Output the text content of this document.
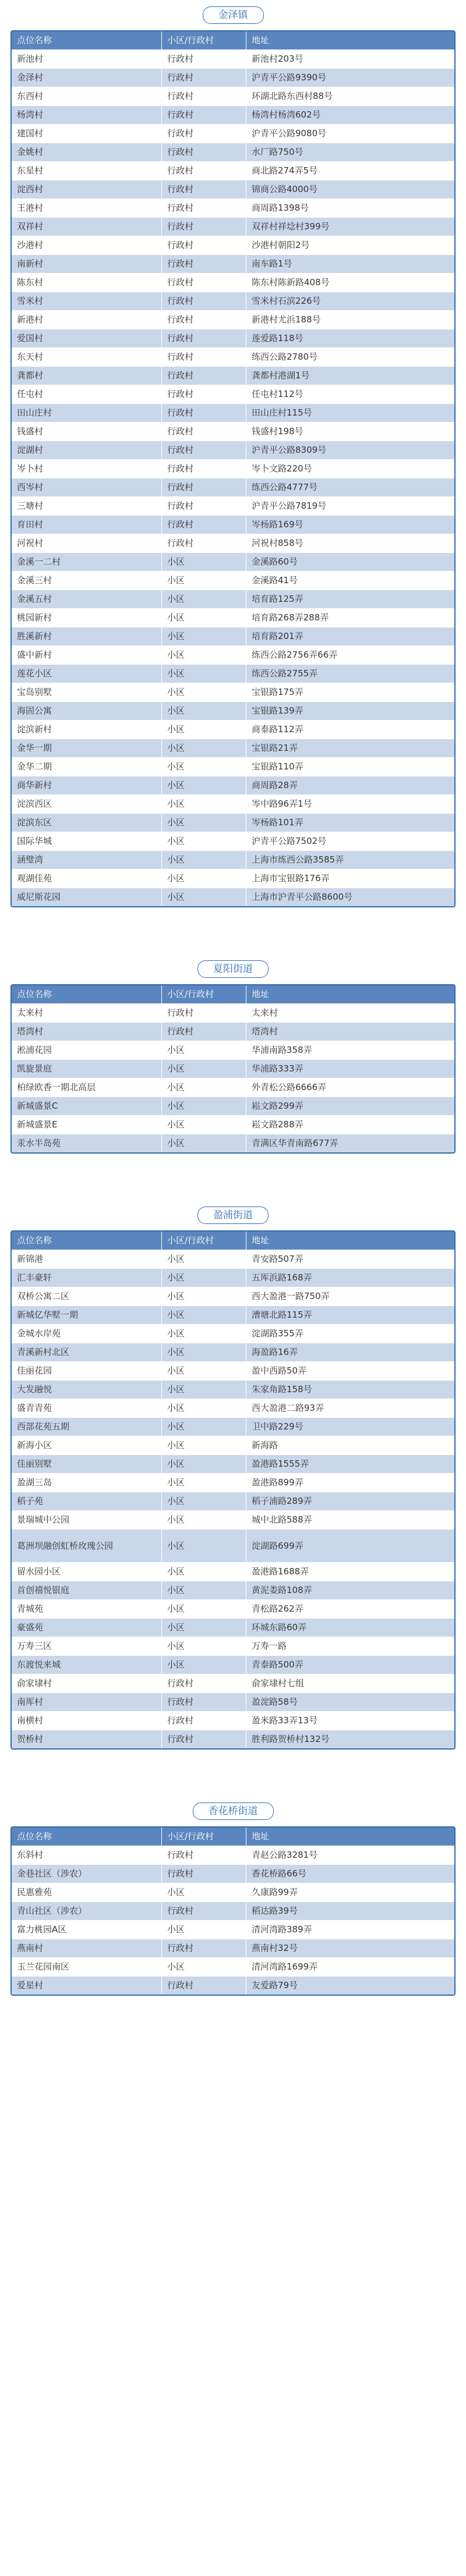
金泽镇
点位名称	小区/行政村	地址
新池村	行政村	新池村203号
金泽村	行政村	沪青平公路9390号
东西村	行政村	环湖北路东西村88号
杨湾村	行政村	杨湾村杨湾602号
建国村	行政村	沪青平公路9080号
金姚村	行政村	水厂路750号
东星村	行政村	商北路274弄5号
淀西村	行政村	锦商公路4000号
王港村	行政村	商周路1398号
双祥村	行政村	双祥村祥埝村399号
沙港村	行政村	沙港村朝阳2号
南新村	行政村	南车路1号
陈东村	行政村	陈东村陈新路408号
雪米村	行政村	雪米村石滨226号
新港村	行政村	新港村尤浜188号
爱国村	行政村	莲爱路118号
东天村	行政村	练西公路2780号
龚都村	行政村	龚都村港湖1号
任屯村	行政村	任屯村112号
田山庄村	行政村	田山庄村115号
钱盛村	行政村	钱盛村198号
淀湖村	行政村	沪青平公路8309号
岑卜村	行政村	岑卜文路220号
西岑村	行政村	练西公路4777号
三塘村	行政村	沪青平公路7819号
育田村	行政村	岑杨路169号
河祝村	行政村	河祝村858号
金溪一二村	小区	金溪路60号
金溪三村	小区	金溪路41号
金溪五村	小区	培育路125弄
桃园新村	小区	培育路268弄288弄
胜溪新村	小区	培育路201弄
盛中新村	小区	练西公路2756弄66弄
莲花小区	小区	练西公路2755弄
宝岛别墅	小区	宝银路175弄
海固公寓	小区	宝银路139弄
淀滨新村	小区	商泰路112弄
金华一期	小区	宝银路21弄
金华二期	小区	宝银路110弄
商华新村	小区	商周路28弄
淀滨西区	小区	岑中路96弄1号
淀滨东区	小区	岑杨路101弄
国际华城	小区	沪青平公路7502号
涵璧湾	小区	上海市练西公路3585弄
观湖佳苑	小区	上海市宝银路176弄
威尼斯花园	小区	上海市沪青平公路8600号
夏阳街道
点位名称	小区/行政村	地址
太来村	行政村	太来村
塔湾村	行政村	塔湾村
淞浦花园	小区	华浦南路358弄
凯旋景庭	小区	华浦路333弄
柏绿欧香一期北高层	小区	外青松公路6666弄
新城盛景C	小区	崧文路299弄
新城盛景E	小区	崧文路288弄
汞水半岛苑	小区	青满区华青南路677弄
盈浦街道
点位名称	小区/行政村	地址
新锦港	小区	青安路507弄
汇丰豪轩	小区	五厍浜路168弄
双桥公寓二区	小区	西大盈港一路750弄
新城亿华墅一期	小区	漕塘北路115弄
金城水岸苑	小区	淀湖路355弄
青溪新村北区	小区	海盈路16弄
佳丽花园	小区	盈中西路50弄
大发融悦	小区	朱家角路158号
盛青青苑	小区	西大盈港二路93弄
西部花苑五期	小区	卫中路229号
新海小区	小区	新海路
佳丽别墅	小区	盈港路1555弄
盈湖三岛	小区	盈港路899弄
稻子苑	小区	稻子浦路289弄
景瑞城中公园	小区	城中北路588弄
葛洲坝融创虹桥玫瑰公园	小区	淀湖路699弄
留水园小区	小区	盈港路1688弄
首创禧悦银庭	小区	黄泥娄路108弄
青城苑	小区	青松路262弄
豪盛苑	小区	环城东路60弄
万寿三区	小区	万寿一路
东渡悦来城	小区	青泰路500弄
俞家埭村	行政村	俞家埭村七组
南厍村	行政村	盈淀路58号
南横村	行政村	盈米路33弄13号
贺桥村	行政村	胜利路贺桥村132号
香花桥街道
点位名称	小区/行政村	地址
东斜村	行政村	青赵公路3281号
金巷社区（涉农）	行政村	香花桥路66号
民惠雅苑	小区	久康路99弄
青山社区（涉农）	行政村	稻达路39号
富力桃园A区	小区	清河湾路389弄
燕南村	行政村	燕南村32号
玉兰花园南区	小区	清河湾路1699弄
爱星村	行政村	友爱路79号
